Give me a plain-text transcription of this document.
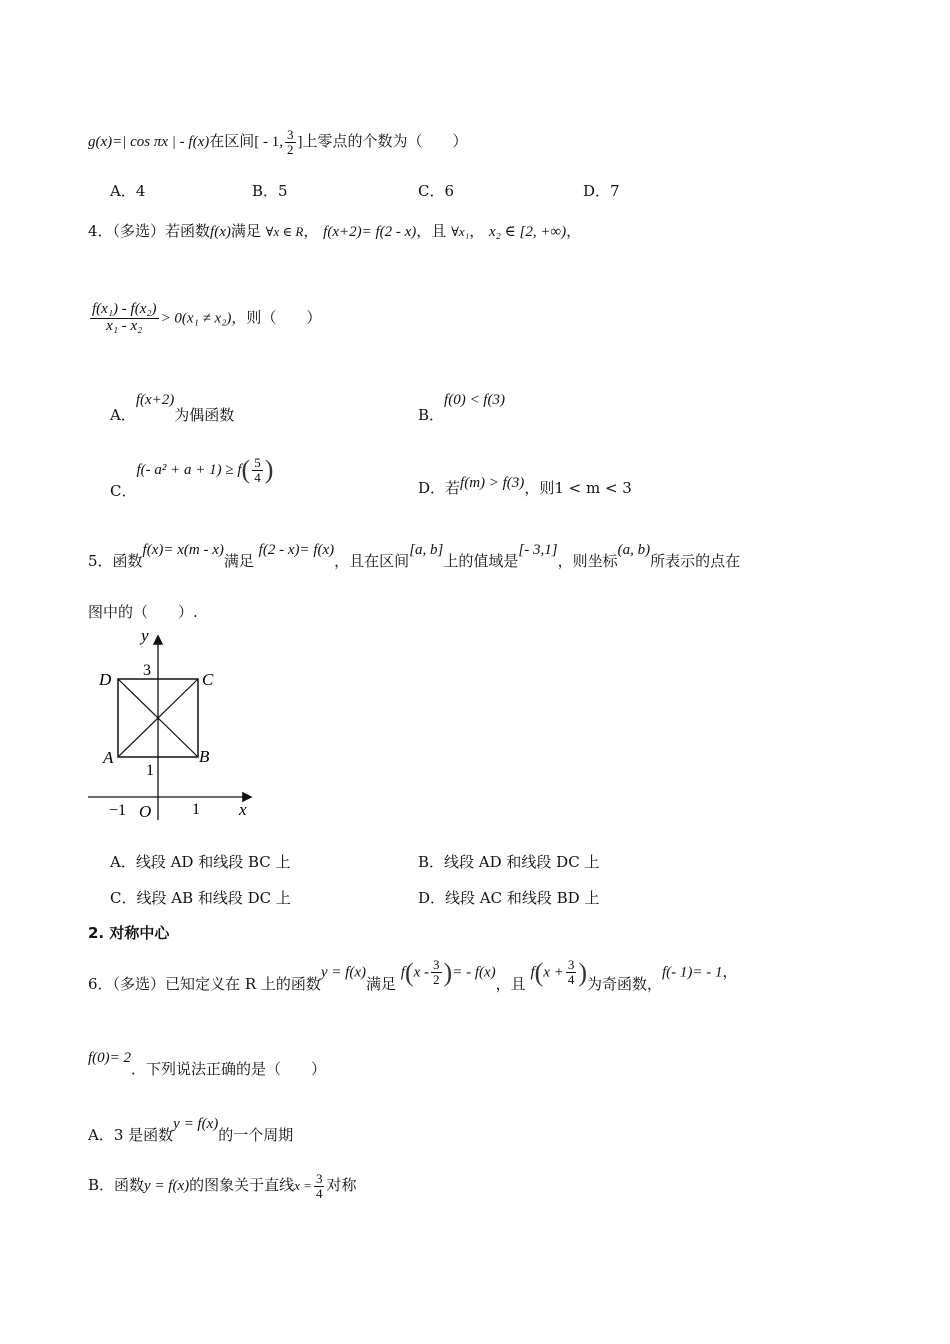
g(x)=| cos πx | - f(x)在区间[ - 1, $\frac{3}{2}$ ]上零点的个数为（　　）
A．4	B．5	C．6	D．7
4．（多选）若函数f(x)满足 ∀x ∈ R， f(x+2)= f(2 - x)，且 ∀x₁， x₂ ∈ [2, +∞)，
$\frac{\text{f(x₁) - f(x₂)}}{\text{x₁ - x₂}} > 0(x_1 \ne x_2)$，则（　　）
A．f(x+2)为偶函数	B．f(0) < f(3)
C．f(- $a^2 + a + 1) \ge f( \frac{5}{4}$ )
D．若f(m) > f(3)，则1 < m < 3
5．函数f(x)= x(m - x)满足 f(2 - x)= f(x)，且在区间[a, b]上的值域是[- 3,1]，则坐标(a, b)所表示的点在
图中的（　　）.
y
x
O
3
1
−1	1
A	B
C
D
A．线段 AD 和线段 BC 上	B．线段 AD 和线段 DC 上
C．线段 AB 和线段 DC 上	D．线段 AC 和线段 BD 上
2. 对称中心
6．（多选）已知定义在 R 上的函数y = f(x)满足 $f(x - \frac{3}{2}$ )= - f(x)，且 $f(x + \frac{3}{4}$ )为奇函数，f(- 1)= - 1，
f(0)= 2．下列说法正确的是（　　）
A．3 是函数y = f(x)的一个周期
B．函数y = f(x)的图象关于直线$x = \frac{3}{4}$ 对称
